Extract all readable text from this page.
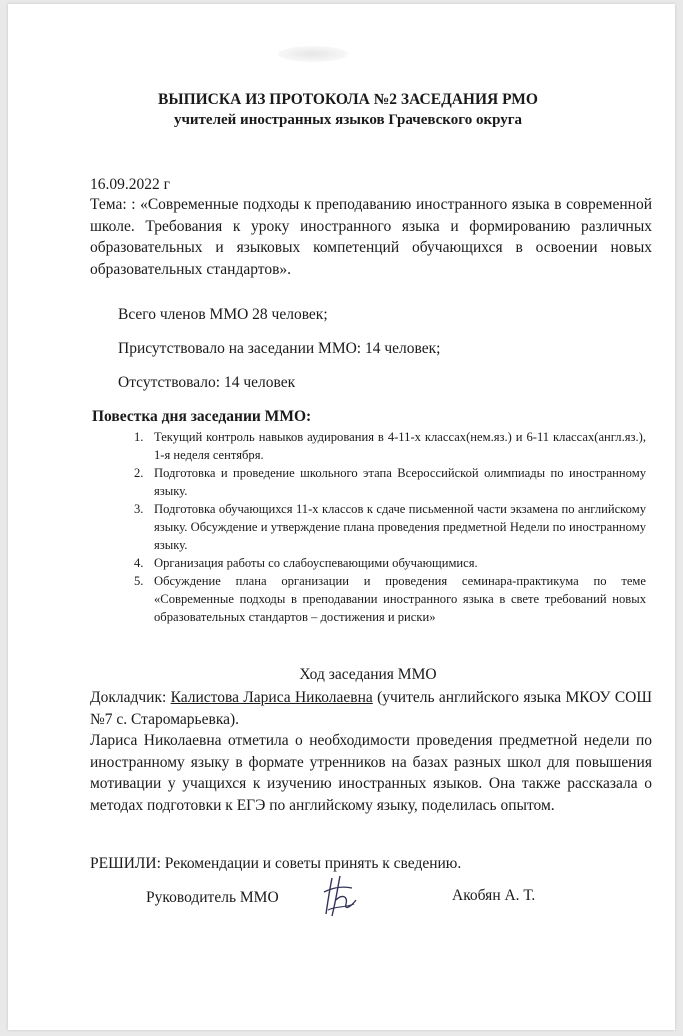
ВЫПИСКА ИЗ ПРОТОКОЛА №2 ЗАСЕДАНИЯ РМО
учителей иностранных языков Грачевского округа
16.09.2022 г
Тема: : «Современные подходы к преподаванию иностранного языка в современной школе. Требования к уроку иностранного языка и формированию различных образовательных и языковых компетенций обучающихся в освоении новых образовательных стандартов».
Всего членов ММО 28 человек;
Присутствовало на заседании ММО: 14 человек;
Отсутствовало: 14 человек
Повестка дня заседании ММО:
1. Текущий контроль навыков аудирования в 4-11-х классах(нем.яз.) и 6-11 классах(англ.яз.), 1-я неделя сентября.
2. Подготовка и проведение школьного этапа Всероссийской олимпиады по иностранному языку.
3. Подготовка обучающихся 11-х классов к сдаче письменной части экзамена по английскому языку. Обсуждение и утверждение плана проведения предметной Недели по иностранному языку.
4. Организация работы со слабоуспевающими обучающимися.
5. Обсуждение плана организации и проведения семинара-практикума по теме «Современные подходы в преподавании иностранного языка в свете требований новых образовательных стандартов – достижения и риски»
Ход заседания ММО
Докладчик: Калистова Лариса Николаевна (учитель английского языка МКОУ СОШ №7 с. Старомарьевка).
Лариса Николаевна отметила о необходимости проведения предметной недели по иностранному языку в формате утренников на базах разных школ для повышения мотивации у учащихся к изучению иностранных языков. Она также рассказала о методах подготовки к ЕГЭ по английскому языку, поделилась опытом.
РЕШИЛИ: Рекомендации и советы принять к сведению.
Руководитель ММО	Акобян А. Т.
